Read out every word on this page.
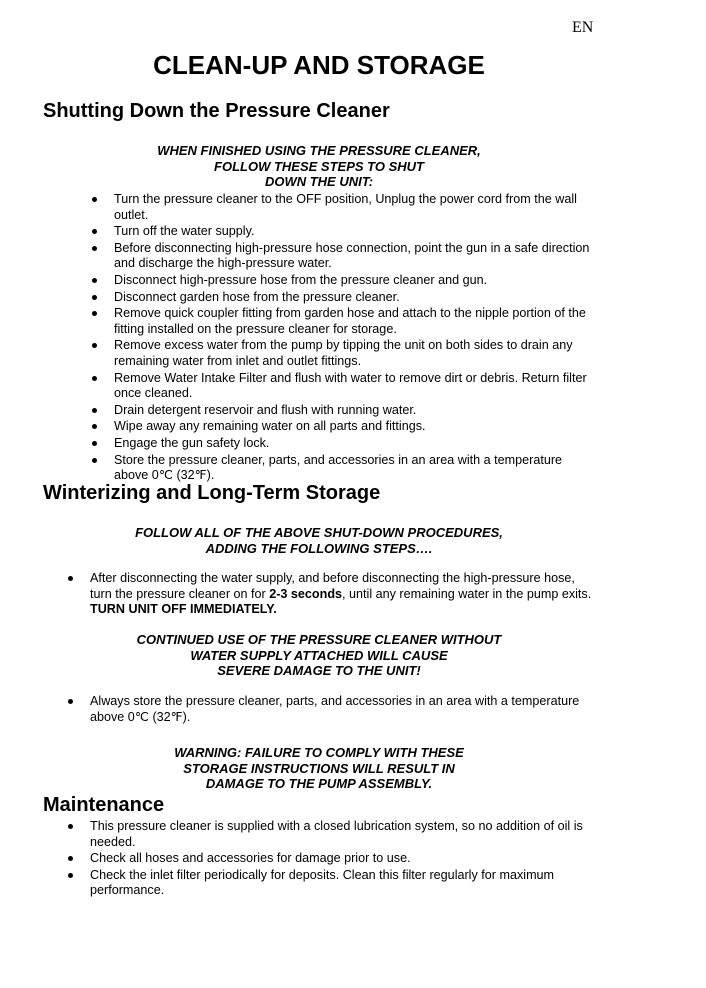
EN
CLEAN-UP AND STORAGE
Shutting Down the Pressure Cleaner

WHEN FINISHED USING THE PRESSURE CLEANER,
FOLLOW THESE STEPS TO SHUT
DOWN THE UNIT:

Turn the pressure cleaner to the OFF position, Unplug the power cord from the wall outlet.
Turn off the water supply.
Before disconnecting high-pressure hose connection, point the gun in a safe direction and discharge the high-pressure water.
Disconnect high-pressure hose from the pressure cleaner and gun.
Disconnect garden hose from the pressure cleaner.
Remove quick coupler fitting from garden hose and attach to the nipple portion of the fitting installed on the pressure cleaner for storage.
Remove excess water from the pump by tipping the unit on both sides to drain any remaining water from inlet and outlet fittings.
Remove Water Intake Filter and flush with water to remove dirt or debris. Return filter once cleaned.
Drain detergent reservoir and flush with running water.
Wipe away any remaining water on all parts and fittings.
Engage the gun safety lock.
Store the pressure cleaner, parts, and accessories in an area with a temperature above 0℃ (32℉).
Winterizing and Long-Term Storage

FOLLOW ALL OF THE ABOVE SHUT-DOWN PROCEDURES,
ADDING THE FOLLOWING STEPS….

After disconnecting the water supply, and before disconnecting the high-pressure hose, turn the pressure cleaner on for 2-3 seconds, until any remaining water in the pump exits. TURN UNIT OFF IMMEDIATELY.

CONTINUED USE OF THE PRESSURE CLEANER WITHOUT
WATER SUPPLY ATTACHED WILL CAUSE
SEVERE DAMAGE TO THE UNIT!

Always store the pressure cleaner, parts, and accessories in an area with a temperature above 0℃ (32℉).

WARNING: FAILURE TO COMPLY WITH THESE
STORAGE INSTRUCTIONS WILL RESULT IN
DAMAGE TO THE PUMP ASSEMBLY.

Maintenance
This pressure cleaner is supplied with a closed lubrication system, so no addition of oil is needed.
Check all hoses and accessories for damage prior to use.
Check the inlet filter periodically for deposits. Clean this filter regularly for maximum performance.
